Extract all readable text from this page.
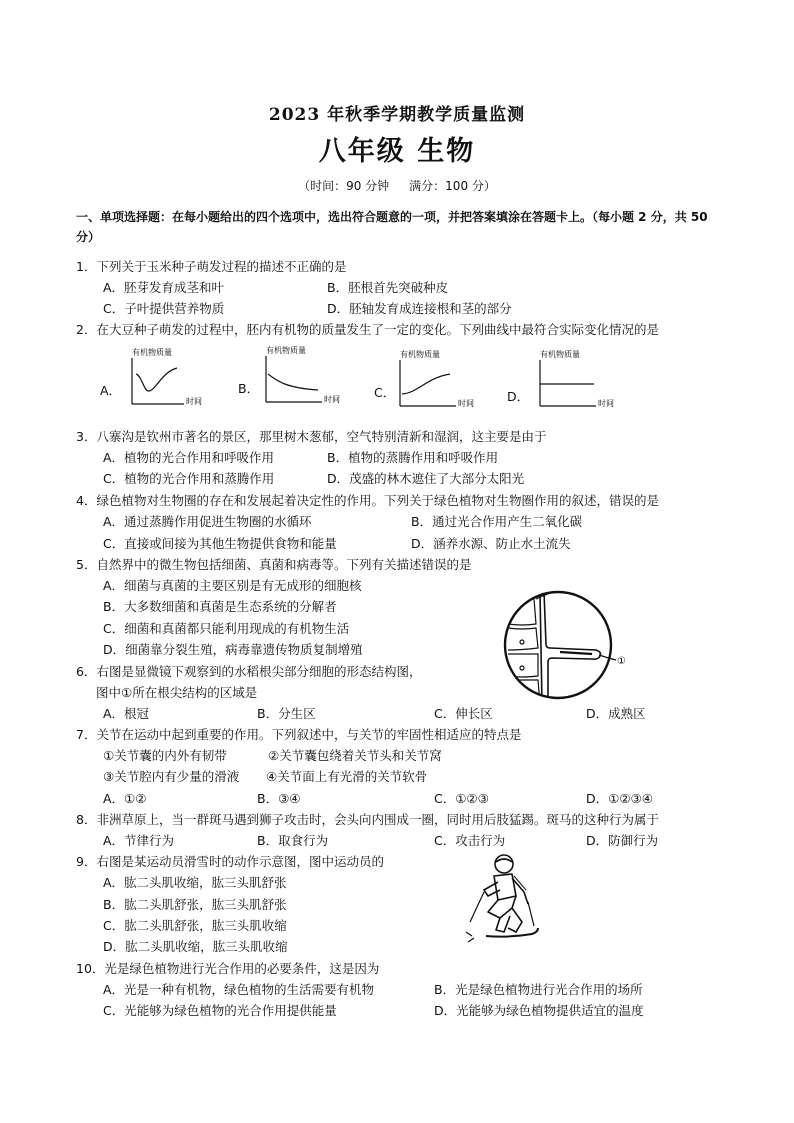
2023 年秋季学期教学质量监测
八年级 生物
（时间：90 分钟 满分：100 分）
一、单项选择题：在每小题给出的四个选项中，选出符合题意的一项，并把答案填涂在答题卡上。（每小题 2 分，共 50 分）
1．下列关于玉米种子萌发过程的描述不正确的是
A．胚芽发育成茎和叶	B．胚根首先突破种皮
C．子叶提供营养物质	D．胚轴发育成连接根和茎的部分
2．在大豆种子萌发的过程中，胚内有机物的质量发生了一定的变化。下列曲线中最符合实际变化情况的是
A．	B．	C．	D．
有机物质量
时间
有机物质量
时间
有机物质量
时间
有机物质量
时间
3．八寨沟是钦州市著名的景区，那里树木葱郁，空气特别清新和湿润，这主要是由于
A．植物的光合作用和呼吸作用	B．植物的蒸腾作用和呼吸作用
C．植物的光合作用和蒸腾作用	D．茂盛的林木遮住了大部分太阳光
4．绿色植物对生物圈的存在和发展起着决定性的作用。下列关于绿色植物对生物圈作用的叙述，错误的是
A．通过蒸腾作用促进生物圈的水循环	B．通过光合作用产生二氧化碳
C．直接或间接为其他生物提供食物和能量	D．涵养水源、防止水土流失
5．自然界中的微生物包括细菌、真菌和病毒等。下列有关描述错误的是
A．细菌与真菌的主要区别是有无成形的细胞核
B．大多数细菌和真菌是生态系统的分解者
C．细菌和真菌都只能利用现成的有机物生活
D．细菌靠分裂生殖，病毒靠遗传物质复制增殖
①
6．右图是显微镜下观察到的水稻根尖部分细胞的形态结构图，
图中①所在根尖结构的区域是
A．根冠	B．分生区	C．伸长区	D．成熟区
7．关节在运动中起到重要的作用。下列叙述中，与关节的牢固性相适应的特点是
①关节囊的内外有韧带	②关节囊包绕着关节头和关节窝
③关节腔内有少量的滑液 ④关节面上有光滑的关节软骨
A．①②	B．③④	C．①②③	D．①②③④
8．非洲草原上，当一群斑马遇到狮子攻击时，会头向内围成一圈，同时用后肢猛踢。斑马的这种行为属于
A．节律行为	B．取食行为	C．攻击行为	D．防御行为
9．右图是某运动员滑雪时的动作示意图，图中运动员的
A．肱二头肌收缩，肱三头肌舒张
B．肱二头肌舒张，肱三头肌舒张
C．肱二头肌舒张，肱三头肌收缩
D．肱二头肌收缩，肱三头肌收缩
10．光是绿色植物进行光合作用的必要条件，这是因为
A．光是一种有机物，绿色植物的生活需要有机物	B．光是绿色植物进行光合作用的场所
C．光能够为绿色植物的光合作用提供能量	D．光能够为绿色植物提供适宜的温度
